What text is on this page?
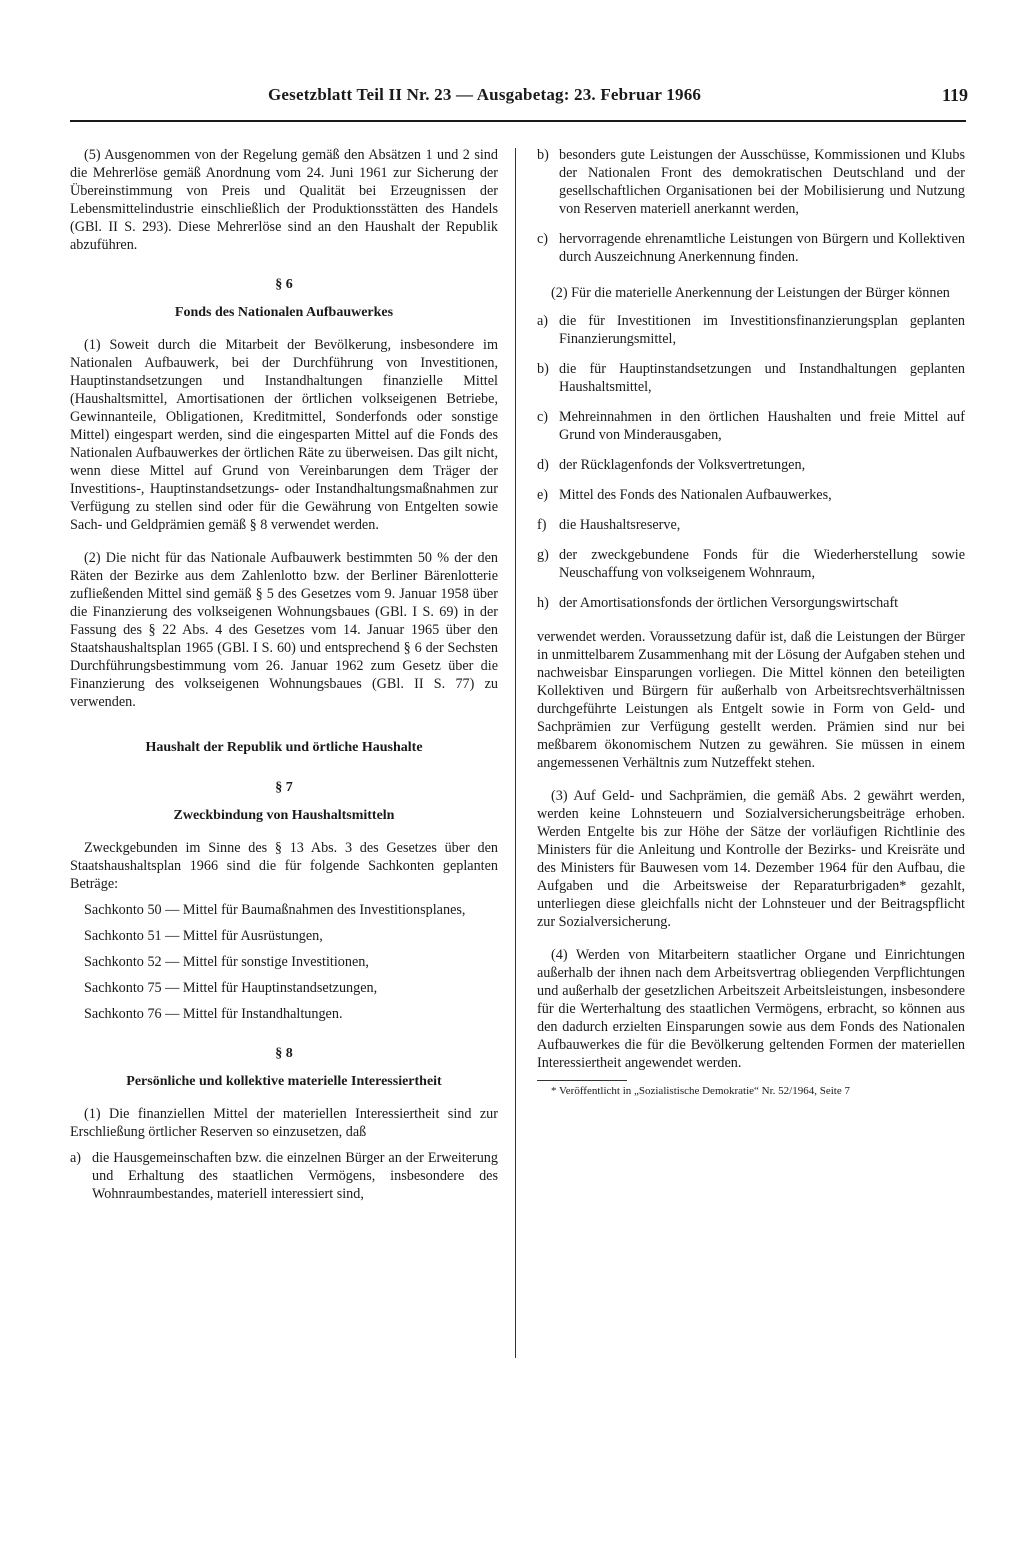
Gesetzblatt Teil II Nr. 23 — Ausgabetag: 23. Februar 1966	119

(5) Ausgenommen von der Regelung gemäß den Absätzen 1 und 2 sind die Mehrerlöse gemäß Anordnung vom 24. Juni 1961 zur Sicherung der Übereinstimmung von Preis und Qualität bei Erzeugnissen der Lebensmittelindustrie einschließlich der Produktionsstätten des Handels (GBl. II S. 293). Diese Mehrerlöse sind an den Haushalt der Republik abzuführen.

§ 6
Fonds des Nationalen Aufbauwerkes

(1) Soweit durch die Mitarbeit der Bevölkerung, insbesondere im Nationalen Aufbauwerk, bei der Durchführung von Investitionen, Hauptinstandsetzungen und Instandhaltungen finanzielle Mittel (Haushaltsmittel, Amortisationen der örtlichen volkseigenen Betriebe, Gewinnanteile, Obligationen, Kreditmittel, Sonderfonds oder sonstige Mittel) eingespart werden, sind die eingesparten Mittel auf die Fonds des Nationalen Aufbauwerkes der örtlichen Räte zu überweisen. Das gilt nicht, wenn diese Mittel auf Grund von Vereinbarungen dem Träger der Investitions-, Hauptinstandsetzungs- oder Instandhaltungsmaßnahmen zur Verfügung zu stellen sind oder für die Gewährung von Entgelten sowie Sach- und Geldprämien gemäß § 8 verwendet werden.

(2) Die nicht für das Nationale Aufbauwerk bestimmten 50 % der den Räten der Bezirke aus dem Zahlenlotto bzw. der Berliner Bärenlotterie zufließenden Mittel sind gemäß § 5 des Gesetzes vom 9. Januar 1958 über die Finanzierung des volkseigenen Wohnungsbaues (GBl. I S. 69) in der Fassung des § 22 Abs. 4 des Gesetzes vom 14. Januar 1965 über den Staatshaushaltsplan 1965 (GBl. I S. 60) und entsprechend § 6 der Sechsten Durchführungsbestimmung vom 26. Januar 1962 zum Gesetz über die Finanzierung des volkseigenen Wohnungsbaues (GBl. II S. 77) zu verwenden.

Haushalt der Republik und örtliche Haushalte
§ 7
Zweckbindung von Haushaltsmitteln

Zweckgebunden im Sinne des § 13 Abs. 3 des Gesetzes über den Staatshaushaltsplan 1966 sind die für folgende Sachkonten geplanten Beträge:

Sachkonto 50 —
Mittel für Baumaßnahmen des Investitionsplanes,
Sachkonto 51 —
Mittel für Ausrüstungen,
Sachkonto 52 —
Mittel für sonstige Investitionen,
Sachkonto 75 —
Mittel für Hauptinstandsetzungen,
Sachkonto 76 —
Mittel für Instandhaltungen.
§ 8
Persönliche und kollektive materielle Interessiertheit

(1) Die finanziellen Mittel der materiellen Interessiertheit sind zur Erschließung örtlicher Reserven so einzusetzen, daß

a) die Hausgemeinschaften bzw. die einzelnen Bürger an der Erweiterung und Erhaltung des staatlichen Vermögens, insbesondere des Wohnraumbestandes, materiell interessiert sind,
b) besonders gute Leistungen der Ausschüsse, Kommissionen und Klubs der Nationalen Front des demokratischen Deutschland und der gesellschaftlichen Organisationen bei der Mobilisierung und Nutzung von Reserven materiell anerkannt werden,
c) hervorragende ehrenamtliche Leistungen von Bürgern und Kollektiven durch Auszeichnung Anerkennung finden.

(2) Für die materielle Anerkennung der Leistungen der Bürger können

a) die für Investitionen im Investitionsfinanzierungsplan geplanten Finanzierungsmittel,
b) die für Hauptinstandsetzungen und Instandhaltungen geplanten Haushaltsmittel,
c) Mehreinnahmen in den örtlichen Haushalten und freie Mittel auf Grund von Minderausgaben,
d) der Rücklagenfonds der Volksvertretungen,
e) Mittel des Fonds des Nationalen Aufbauwerkes,
f) die Haushaltsreserve,
g) der zweckgebundene Fonds für die Wiederherstellung sowie Neuschaffung von volkseigenem Wohnraum,
h) der Amortisationsfonds der örtlichen Versorgungswirtschaft

verwendet werden. Voraussetzung dafür ist, daß die Leistungen der Bürger in unmittelbarem Zusammenhang mit der Lösung der Aufgaben stehen und nachweisbar Einsparungen vorliegen. Die Mittel können den beteiligten Kollektiven und Bürgern für außerhalb von Arbeitsrechtsverhältnissen durchgeführte Leistungen als Entgelt sowie in Form von Geld- und Sachprämien zur Verfügung gestellt werden. Prämien sind nur bei meßbarem ökonomischem Nutzen zu gewähren. Sie müssen in einem angemessenen Verhältnis zum Nutzeffekt stehen.

(3) Auf Geld- und Sachprämien, die gemäß Abs. 2 gewährt werden, werden keine Lohnsteuern und Sozialversicherungsbeiträge erhoben. Werden Entgelte bis zur Höhe der Sätze der vorläufigen Richtlinie des Ministers für die Anleitung und Kontrolle der Bezirks- und Kreisräte und des Ministers für Bauwesen vom 14. Dezember 1964 für den Aufbau, die Aufgaben und die Arbeitsweise der Reparaturbrigaden* gezahlt, unterliegen diese gleichfalls nicht der Lohnsteuer und der Beitragspflicht zur Sozialversicherung.

(4) Werden von Mitarbeitern staatlicher Organe und Einrichtungen außerhalb der ihnen nach dem Arbeitsvertrag obliegenden Verpflichtungen und außerhalb der gesetzlichen Arbeitszeit Arbeitsleistungen, insbesondere für die Werterhaltung des staatlichen Vermögens, erbracht, so können aus den dadurch erzielten Einsparungen sowie aus dem Fonds des Nationalen Aufbauwerkes die für die Bevölkerung geltenden Formen der materiellen Interessiertheit angewendet werden.

* Veröffentlicht in „Sozialistische Demokratie“ Nr. 52/1964, Seite 7
